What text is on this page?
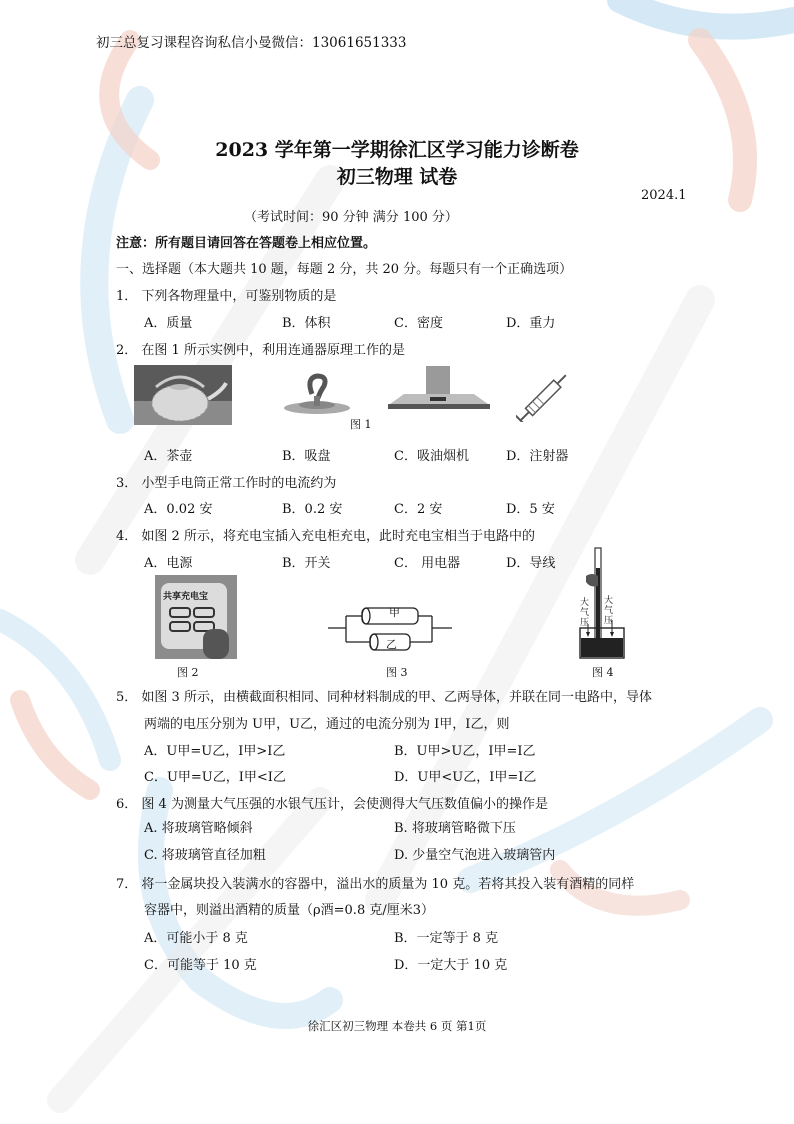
初三总复习课程咨询私信小曼微信：13061651333
2023 学年第一学期徐汇区学习能力诊断卷
初三物理 试卷
2024.1
（考试时间：90 分钟 满分 100 分）
注意：所有题目请回答在答题卷上相应位置。
一、选择题（本大题共 10 题，每题 2 分，共 20 分。每题只有一个正确选项）
1． 下列各物理量中，可鉴别物质的是
A．质量	B．体积	C．密度	D．重力
2． 在图 1 所示实例中，利用连通器原理工作的是
图 1
A．茶壶	B．吸盘	C．吸油烟机	D．注射器
3． 小型手电筒正常工作时的电流约为
A．0.02 安	B．0.2 安	C．2 安	D．5 安
4． 如图 2 所示，将充电宝插入充电柜充电，此时充电宝相当于电路中的
A．电源	B．开关	C． 用电器	D．导线
共享充电宝
图 2
甲
乙
图 3
大气压
大气压
图 4
5． 如图 3 所示，由横截面积相同、同种材料制成的甲、乙两导体，并联在同一电路中，导体
两端的电压分别为 U甲，U乙，通过的电流分别为 I甲，I乙，则
A．U甲=U乙，I甲>I乙	B．U甲>U乙，I甲=I乙
C．U甲=U乙，I甲<I乙	D．U甲<U乙，I甲=I乙
6． 图 4 为测量大气压强的水银气压计，会使测得大气压数值偏小的操作是
A. 将玻璃管略倾斜	B. 将玻璃管略微下压
C. 将玻璃管直径加粗	D. 少量空气泡进入玻璃管内
7． 将一金属块投入装满水的容器中，溢出水的质量为 10 克。若将其投入装有酒精的同样
容器中，则溢出酒精的质量（ρ酒=0.8 克/厘米3）
A．可能小于 8 克	B．一定等于 8 克
C．可能等于 10 克	D．一定大于 10 克
徐汇区初三物理 本卷共 6 页 第1页
